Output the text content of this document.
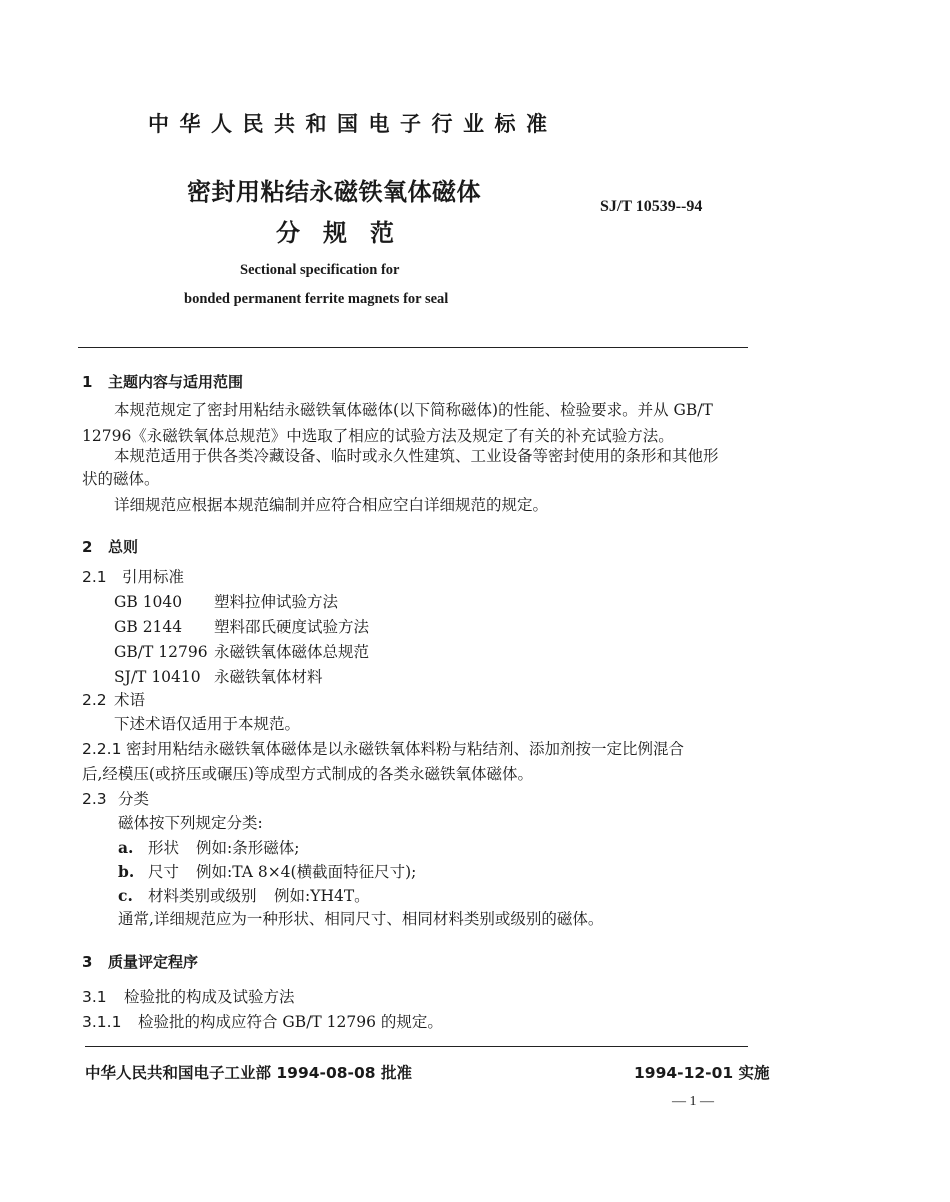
中华人民共和国电子行业标准
密封用粘结永磁铁氧体磁体
分规范
SJ/T 10539--94
Sectional specification for
bonded permanent ferrite magnets for seal
1 主题内容与适用范围
本规范规定了密封用粘结永磁铁氧体磁体(以下简称磁体)的性能、检验要求。并从 GB/T
12796《永磁铁氧体总规范》中选取了相应的试验方法及规定了有关的补充试验方法。
本规范适用于供各类冷藏设备、临时或永久性建筑、工业设备等密封使用的条形和其他形
状的磁体。
详细规范应根据本规范编制并应符合相应空白详细规范的规定。
2 总则
2.1 引用标准
GB 1040 塑料拉伸试验方法
GB 2144 塑料邵氏硬度试验方法
GB/T 12796 永磁铁氧体磁体总规范
SJ/T 10410 永磁铁氧体材料
2.2 术语
下述术语仅适用于本规范。
2.2.1 密封用粘结永磁铁氧体磁体是以永磁铁氧体料粉与粘结剂、添加剂按一定比例混合
后,经模压(或挤压或碾压)等成型方式制成的各类永磁铁氧体磁体。
2.3 分类
磁体按下列规定分类:
a. 形状 例如:条形磁体;
b. 尺寸 例如:TA 8×4(横截面特征尺寸);
c. 材料类别或级别 例如:YH4T。
通常,详细规范应为一种形状、相同尺寸、相同材料类别或级别的磁体。
3 质量评定程序
3.1 检验批的构成及试验方法
3.1.1 检验批的构成应符合 GB/T 12796 的规定。
中华人民共和国电子工业部 1994-08-08 批准	1994-12-01 实施
— 1 —
